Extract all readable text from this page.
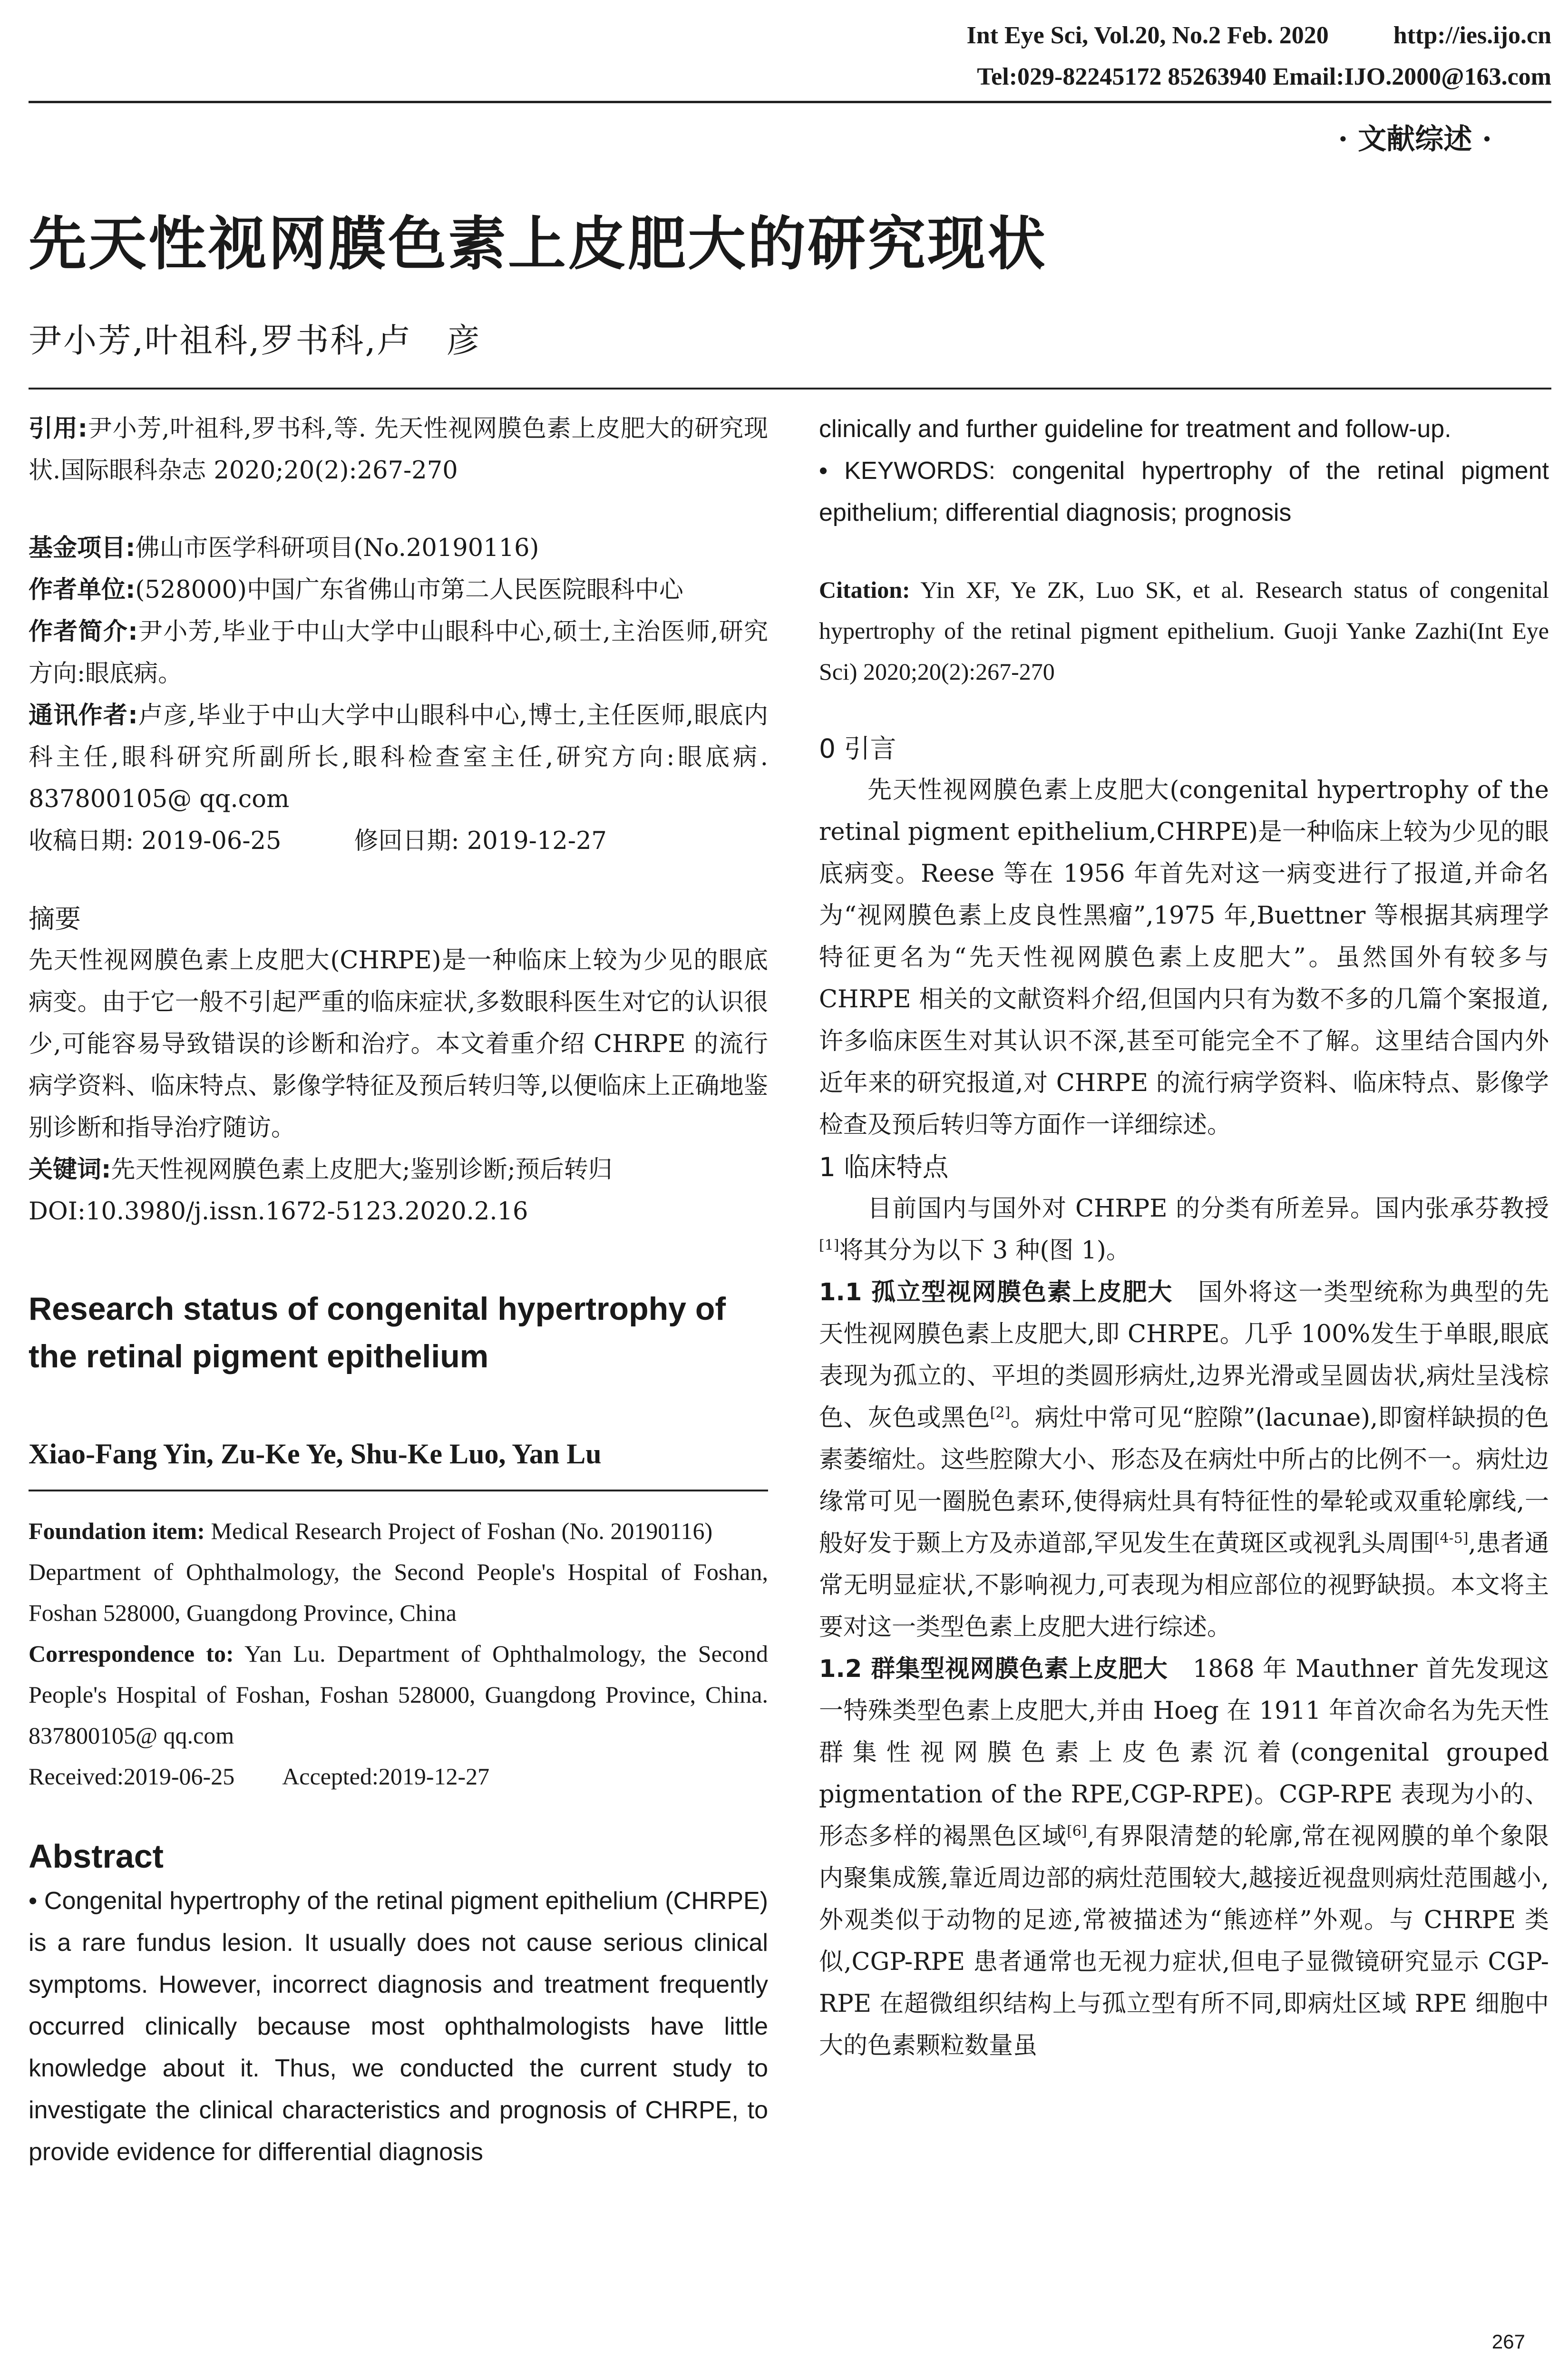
Int Eye Sci, Vol.20, No.2 Feb. 2020	http://ies.ijo.cn
Tel:029-82245172 85263940 Email:IJO.2000@163.com
· 文献综述 ·
先天性视网膜色素上皮肥大的研究现状
尹小芳,叶祖科,罗书科,卢　彦

引用:尹小芳,叶祖科,罗书科,等. 先天性视网膜色素上皮肥大的研究现状.国际眼科杂志 2020;20(2):267-270

基金项目:佛山市医学科研项目(No.20190116)

作者单位:(528000)中国广东省佛山市第二人民医院眼科中心

作者简介:尹小芳,毕业于中山大学中山眼科中心,硕士,主治医师,研究方向:眼底病。

通讯作者:卢彦,毕业于中山大学中山眼科中心,博士,主任医师,眼底内科主任,眼科研究所副所长,眼科检查室主任,研究方向:眼底病. 837800105@ qq.com

收稿日期: 2019-06-25　　　修回日期: 2019-12-27

摘要

先天性视网膜色素上皮肥大(CHRPE)是一种临床上较为少见的眼底病变。由于它一般不引起严重的临床症状,多数眼科医生对它的认识很少,可能容易导致错误的诊断和治疗。本文着重介绍 CHRPE 的流行病学资料、临床特点、影像学特征及预后转归等,以便临床上正确地鉴别诊断和指导治疗随访。

关键词:先天性视网膜色素上皮肥大;鉴别诊断;预后转归

DOI:10.3980/j.issn.1672-5123.2020.2.16

Research status of congenital hypertrophy of the retinal pigment epithelium

Xiao-Fang Yin, Zu-Ke Ye, Shu-Ke Luo, Yan Lu

Foundation item: Medical Research Project of Foshan (No. 20190116)

Department of Ophthalmology, the Second People's Hospital of Foshan, Foshan 528000, Guangdong Province, China

Correspondence to: Yan Lu. Department of Ophthalmology, the Second People's Hospital of Foshan, Foshan 528000, Guangdong Province, China. 837800105@ qq.com

Received:2019-06-25　　Accepted:2019-12-27

Abstract

• Congenital hypertrophy of the retinal pigment epithelium (CHRPE) is a rare fundus lesion. It usually does not cause serious clinical symptoms. However, incorrect diagnosis and treatment frequently occurred clinically because most ophthalmologists have little knowledge about it. Thus, we conducted the current study to investigate the clinical characteristics and prognosis of CHRPE, to provide evidence for differential diagnosis

clinically and further guideline for treatment and follow-up.

• KEYWORDS: congenital hypertrophy of the retinal pigment epithelium; differential diagnosis; prognosis

Citation: Yin XF, Ye ZK, Luo SK, et al. Research status of congenital hypertrophy of the retinal pigment epithelium. Guoji Yanke Zazhi(Int Eye Sci) 2020;20(2):267-270

0 引言

先天性视网膜色素上皮肥大(congenital hypertrophy of the retinal pigment epithelium,CHRPE)是一种临床上较为少见的眼底病变。Reese 等在 1956 年首先对这一病变进行了报道,并命名为“视网膜色素上皮良性黑瘤”,1975 年,Buettner 等根据其病理学特征更名为“先天性视网膜色素上皮肥大”。虽然国外有较多与 CHRPE 相关的文献资料介绍,但国内只有为数不多的几篇个案报道,许多临床医生对其认识不深,甚至可能完全不了解。这里结合国内外近年来的研究报道,对 CHRPE 的流行病学资料、临床特点、影像学检查及预后转归等方面作一详细综述。

1 临床特点

目前国内与国外对 CHRPE 的分类有所差异。国内张承芬教授[1]将其分为以下 3 种(图 1)。

1.1 孤立型视网膜色素上皮肥大　国外将这一类型统称为典型的先天性视网膜色素上皮肥大,即 CHRPE。几乎 100%发生于单眼,眼底表现为孤立的、平坦的类圆形病灶,边界光滑或呈圆齿状,病灶呈浅棕色、灰色或黑色[2]。病灶中常可见“腔隙”(lacunae),即窗样缺损的色素萎缩灶。这些腔隙大小、形态及在病灶中所占的比例不一。病灶边缘常可见一圈脱色素环,使得病灶具有特征性的晕轮或双重轮廓线,一般好发于颞上方及赤道部,罕见发生在黄斑区或视乳头周围[4-5],患者通常无明显症状,不影响视力,可表现为相应部位的视野缺损。本文将主要对这一类型色素上皮肥大进行综述。

1.2 群集型视网膜色素上皮肥大　1868 年 Mauthner 首先发现这一特殊类型色素上皮肥大,并由 Hoeg 在 1911 年首次命名为先天性群集性视网膜色素上皮色素沉着(congenital grouped pigmentation of the RPE,CGP-RPE)。CGP-RPE 表现为小的、形态多样的褐黑色区域[6],有界限清楚的轮廓,常在视网膜的单个象限内聚集成簇,靠近周边部的病灶范围较大,越接近视盘则病灶范围越小,外观类似于动物的足迹,常被描述为“熊迹样”外观。与 CHRPE 类似,CGP-RPE 患者通常也无视力症状,但电子显微镜研究显示 CGP-RPE 在超微组织结构上与孤立型有所不同,即病灶区域 RPE 细胞中大的色素颗粒数量虽

267
